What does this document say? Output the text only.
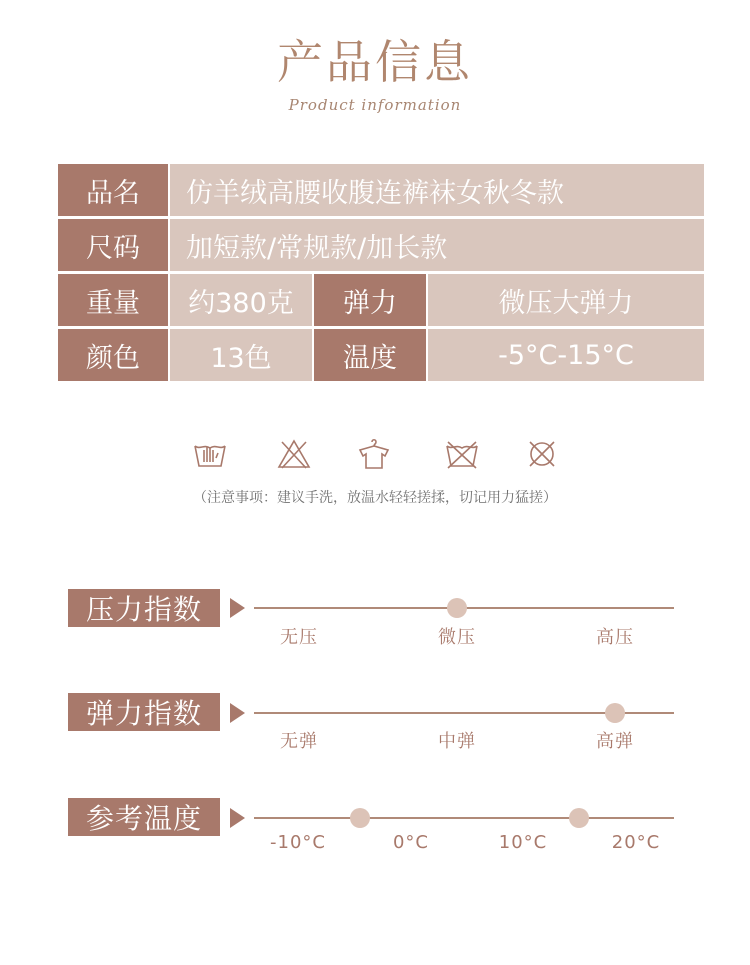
产品信息
Product information
品名	仿羊绒高腰收腹连裤袜女秋冬款
尺码	加短款/常规款/加长款
重量	约380克	弹力	微压大弹力
颜色	13色	温度	-5°C-15°C
（注意事项：建议手洗，放温水轻轻搓揉，切记用力猛搓）
压力指数
无压	微压	高压
弹力指数
无弹	中弹	高弹
参考温度
-10°C	0°C	10°C	20°C
